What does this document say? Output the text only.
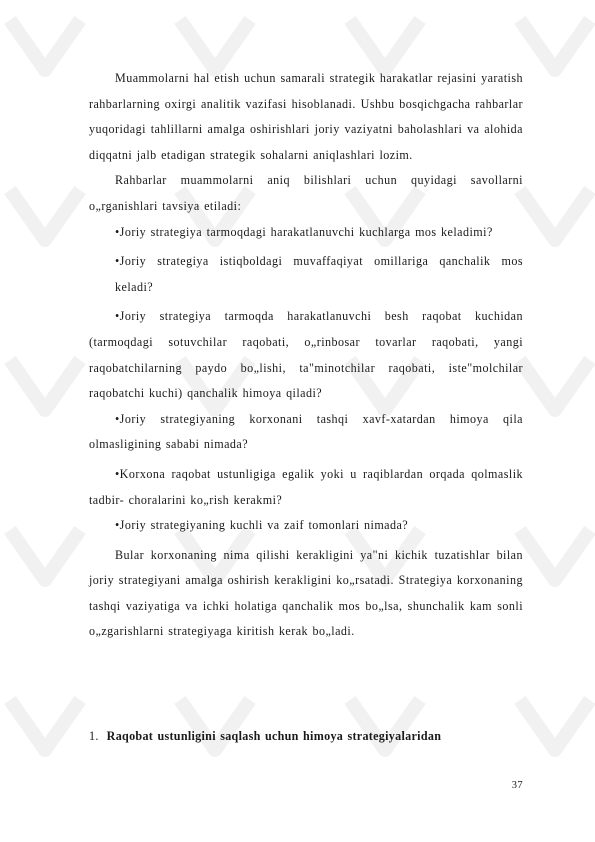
Muammolarni hal etish uchun samarali strategik harakatlar rejasini yaratish rahbarlarning oxirgi analitik vazifasi hisoblanadi. Ushbu bosqichgacha rahbarlar yuqoridagi tahlillarni amalga oshirishlari joriy vaziyatni baholashlari va alohida diqqatni jalb etadigan strategik sohalarni aniqlashlari lozim.

Rahbarlar muammolarni aniq bilishlari uchun quyidagi savollarni o„rganishlari tavsiya etiladi:

•Joriy strategiya tarmoqdagi harakatlanuvchi kuchlarga mos keladimi?
•Joriy strategiya istiqboldagi muvaffaqiyat omillariga qanchalik mos keladi?

•Joriy strategiya tarmoqda harakatlanuvchi besh raqobat kuchidan (tarmoqdagi sotuvchilar raqobati, o„rinbosar tovarlar raqobati, yangi raqobatchilarning paydo bo„lishi, ta"minotchilar raqobati, iste"molchilar raqobatchi kuchi) qanchalik himoya qiladi?

•Joriy strategiyaning korxonani tashqi xavf-xatardan himoya qila olmasligining sababi nimada?

•Korxona raqobat ustunligiga egalik yoki u raqiblardan orqada qolmaslik tadbir- choralarini ko„rish kerakmi?

•Joriy strategiyaning kuchli va zaif tomonlari nimada?

Bular korxonaning nima qilishi kerakligini ya"ni kichik tuzatishlar bilan joriy strategiyani amalga oshirish kerakligini ko„rsatadi. Strategiya korxonaning tashqi vaziyatiga va ichki holatiga qanchalik mos bo„lsa, shunchalik kam sonli o„zgarishlarni strategiyaga kiritish kerak bo„ladi.

1. Raqobat ustunligini saqlash uchun himoya strategiyalaridan
37
